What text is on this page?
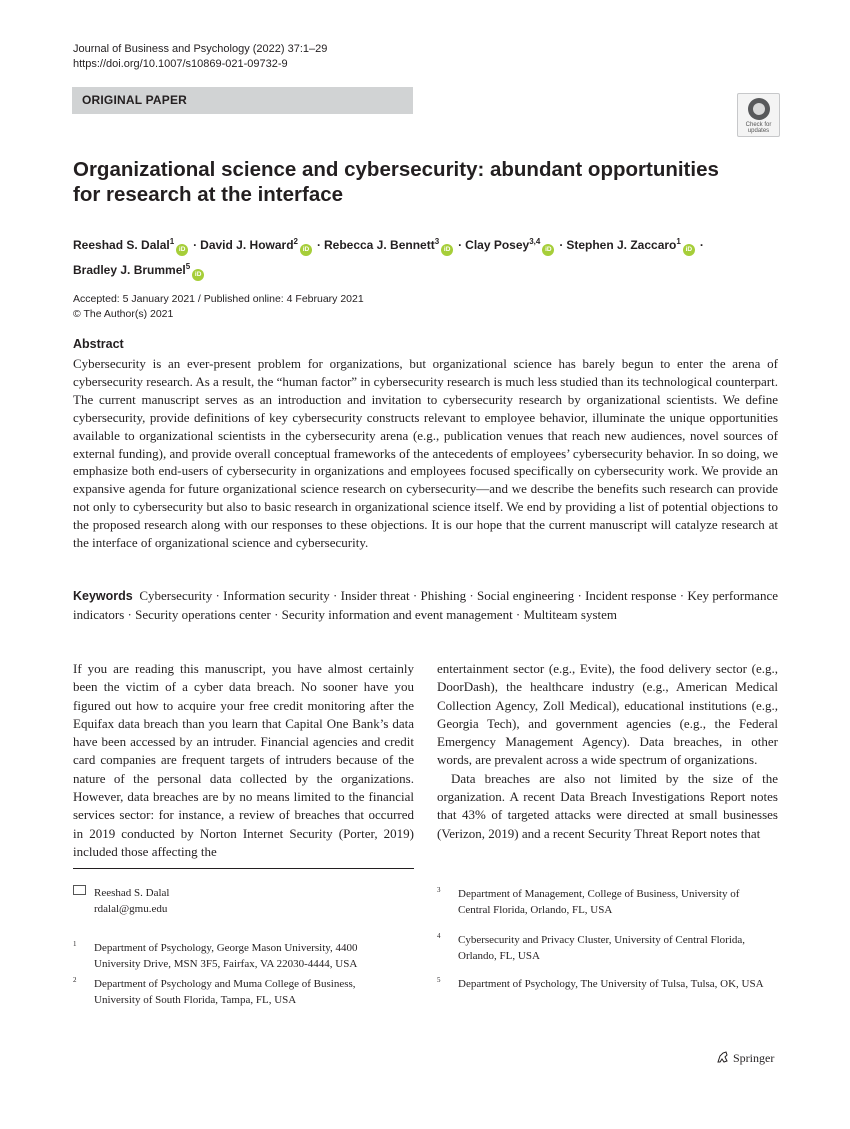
Journal of Business and Psychology (2022) 37:1–29
https://doi.org/10.1007/s10869-021-09732-9
ORIGINAL PAPER
Check for
updates
Organizational science and cybersecurity: abundant opportunities
for research at the interface
Reeshad S. Dalal$^1$iD · David J. Howard$^2$iD · Rebecca J. Bennett$^3$iD · Clay Posey$^{3,4}$iD · Stephen J. Zaccaro$^1$iD ·
Bradley J. Brummel$^5$iD
Accepted: 5 January 2021 / Published online: 4 February 2021
© The Author(s) 2021
Abstract
Cybersecurity is an ever-present problem for organizations, but organizational science has barely begun to enter the arena of cybersecurity research. As a result, the “human factor” in cybersecurity research is much less studied than its technological counterpart. The current manuscript serves as an introduction and invitation to cybersecurity research by organizational scientists. We define cybersecurity, provide definitions of key cybersecurity constructs relevant to employee behavior, illuminate the unique opportunities available to organizational scientists in the cybersecurity arena (e.g., publication venues that reach new audiences, novel sources of external funding), and provide overall conceptual frameworks of the antecedents of employees’ cybersecurity behavior. In so doing, we emphasize both end-users of cybersecurity in organizations and employees focused specifically on cybersecurity work. We provide an expansive agenda for future organizational science research on cybersecurity—and we describe the benefits such research can provide not only to cybersecurity but also to basic research in organizational science itself. We end by providing a list of potential objections to the proposed research along with our responses to these objections. It is our hope that the current manuscript will catalyze research at the interface of organizational science and cybersecurity.
Keywords Cybersecurity · Information security · Insider threat · Phishing · Social engineering · Incident response · Key performance indicators · Security operations center · Security information and event management · Multiteam system

If you are reading this manuscript, you have almost certainly been the victim of a cyber data breach. No sooner have you figured out how to acquire your free credit monitoring after the Equifax data breach than you learn that Capital One Bank’s data have been accessed by an intruder. Financial agencies and credit card companies are frequent targets of intruders because of the nature of the personal data collected by the organizations. However, data breaches are by no means limited to the financial services sector: for instance, a review of breaches that occurred in 2019 conducted by Norton Internet Security (Porter, 2019) included those affecting the

entertainment sector (e.g., Evite), the food delivery sector (e.g., DoorDash), the healthcare industry (e.g., American Medical Collection Agency, Zoll Medical), educational institutions (e.g., Georgia Tech), and government agencies (e.g., the Federal Emergency Management Agency). Data breaches, in other words, are prevalent across a wide spectrum of organizations.

Data breaches are also not limited by the size of the organization. A recent Data Breach Investigations Report notes that 43% of targeted attacks were directed at small businesses (Verizon, 2019) and a recent Security Threat Report notes that

Reeshad S. Dalal
rdalal@gmu.edu
1 Department of Psychology, George Mason University, 4400 University Drive, MSN 3F5, Fairfax, VA 22030-4444, USA
2 Department of Psychology and Muma College of Business, University of South Florida, Tampa, FL, USA
3 Department of Management, College of Business, University of Central Florida, Orlando, FL, USA
4 Cybersecurity and Privacy Cluster, University of Central Florida, Orlando, FL, USA
5 Department of Psychology, The University of Tulsa, Tulsa, OK, USA
Springer
